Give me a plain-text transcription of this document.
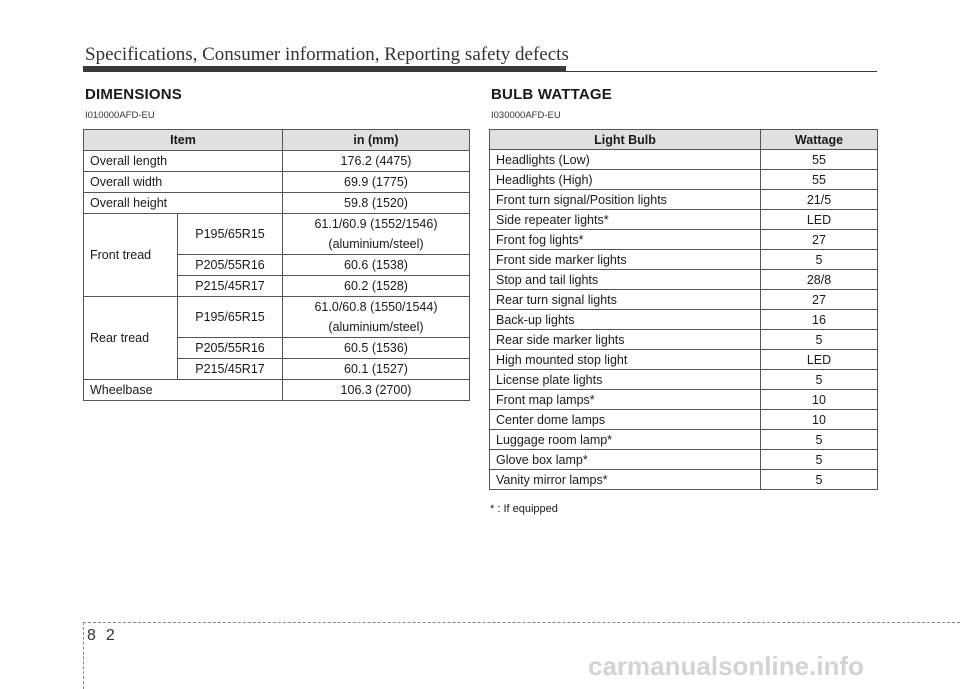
Specifications, Consumer information, Reporting safety defects
DIMENSIONS
I010000AFD-EU
Item		in (mm)
Overall length		176.2 (4475)
Overall width		69.9 (1775)
Overall height		59.8 (1520)
Front tread	P195/65R15	61.1/60.9 (1552/1546)
(aluminium/steel)

	P205/55R16	60.6 (1538)
	P215/45R17	60.2 (1528)
Rear tread	P195/65R15	61.0/60.8 (1550/1544)
(aluminium/steel)

	P205/55R16	60.5 (1536)
	P215/45R17	60.1 (1527)
Wheelbase		106.3 (2700)
BULB WATTAGE
I030000AFD-EU
Light Bulb	Wattage
Headlights (Low)	55
Headlights (High)	55
Front turn signal/Position lights	21/5
Side repeater lights*	LED
Front fog lights*	27
Front side marker lights	5
Stop and tail lights	28/8
Rear turn signal lights	27
Back-up lights	16
Rear side marker lights	5
High mounted stop light	LED
License plate lights	5
Front map lamps*	10
Center dome lamps	10
Luggage room lamp*	5
Glove box lamp*	5
Vanity mirror lamps*	5
* : If equipped
82
carmanualsonline.info
